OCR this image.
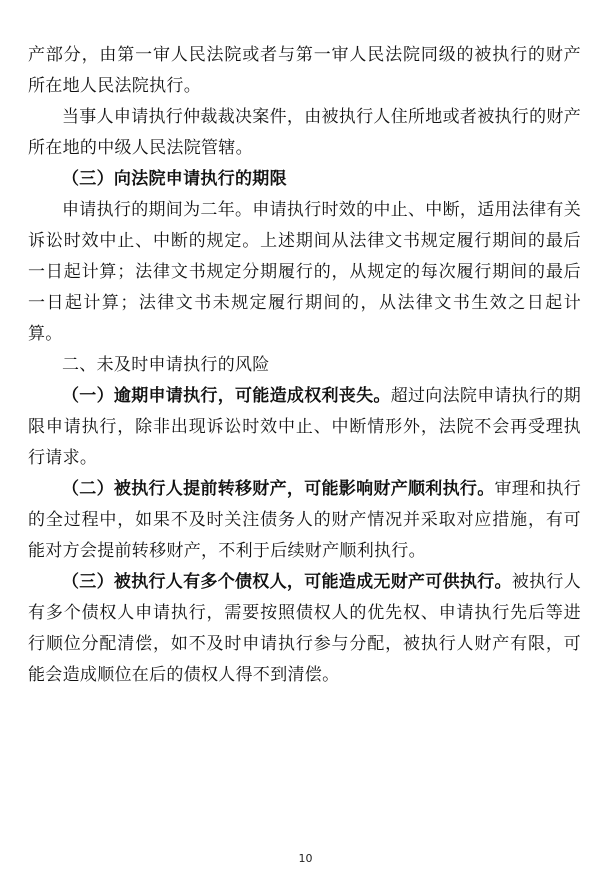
产部分，由第一审人民法院或者与第一审人民法院同级的被执行的财产所在地人民法院执行。

当事人申请执行仲裁裁决案件，由被执行人住所地或者被执行的财产所在地的中级人民法院管辖。

（三）向法院申请执行的期限

申请执行的期间为二年。申请执行时效的中止、中断，适用法律有关诉讼时效中止、中断的规定。上述期间从法律文书规定履行期间的最后一日起计算；法律文书规定分期履行的，从规定的每次履行期间的最后一日起计算；法律文书未规定履行期间的，从法律文书生效之日起计算。

二、未及时申请执行的风险

（一）逾期申请执行，可能造成权利丧失。超过向法院申请执行的期限申请执行，除非出现诉讼时效中止、中断情形外，法院不会再受理执行请求。

（二）被执行人提前转移财产，可能影响财产顺利执行。审理和执行的全过程中，如果不及时关注债务人的财产情况并采取对应措施，有可能对方会提前转移财产，不利于后续财产顺利执行。

（三）被执行人有多个债权人，可能造成无财产可供执行。被执行人有多个债权人申请执行，需要按照债权人的优先权、申请执行先后等进行顺位分配清偿，如不及时申请执行参与分配，被执行人财产有限，可能会造成顺位在后的债权人得不到清偿。

10
